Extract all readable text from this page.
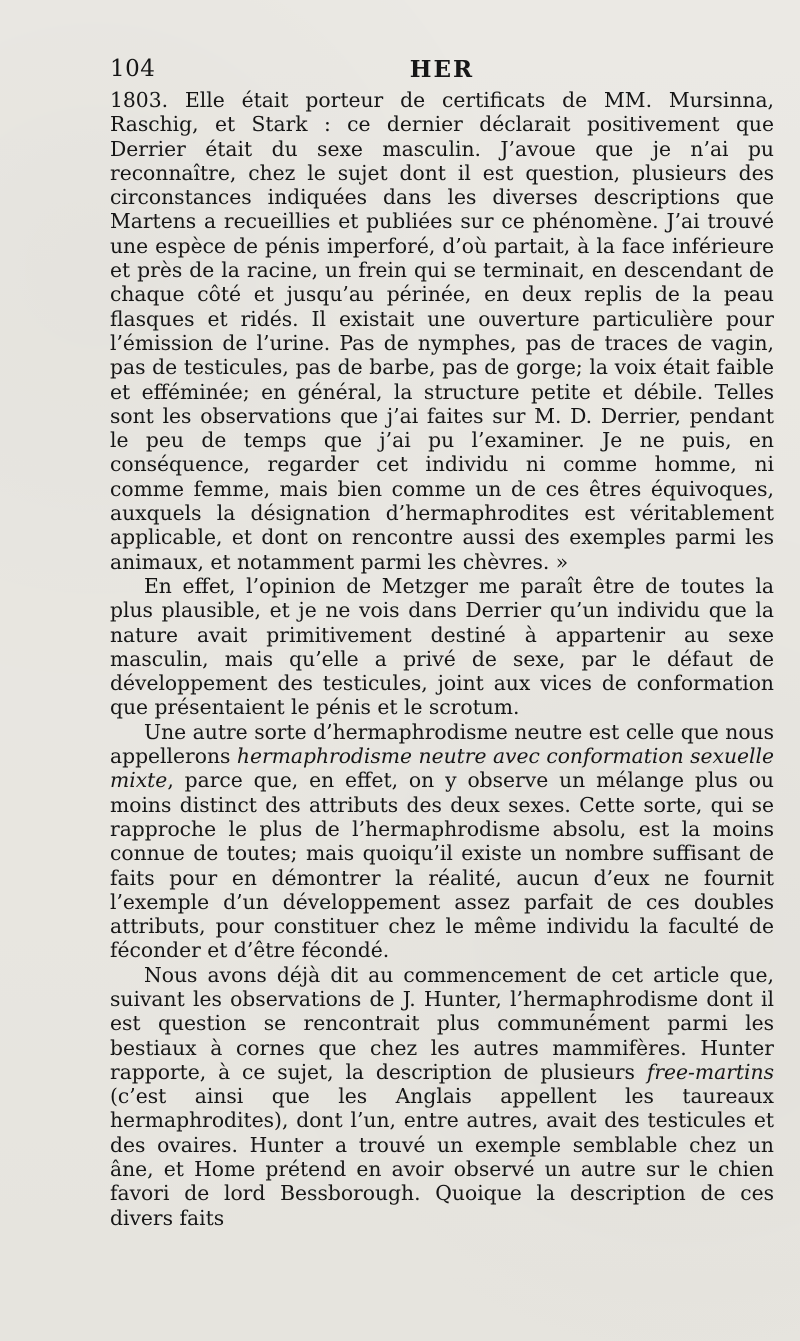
104	HER

1803. Elle était porteur de certificats de MM. Mursinna, Raschig, et Stark : ce dernier déclarait positivement que Derrier était du sexe masculin. J’avoue que je n’ai pu reconnaître, chez le sujet dont il est question, plusieurs des circonstances indiquées dans les diverses descriptions que Martens a recueillies et publiées sur ce phénomène. J’ai trouvé une espèce de pénis imperforé, d’où partait, à la face inférieure et près de la racine, un frein qui se terminait, en descendant de chaque côté et jusqu’au périnée, en deux replis de la peau flasques et ridés. Il existait une ouverture particulière pour l’émission de l’urine. Pas de nymphes, pas de traces de vagin, pas de testicules, pas de barbe, pas de gorge; la voix était faible et efféminée; en général, la structure petite et débile. Telles sont les observations que j’ai faites sur M. D. Derrier, pendant le peu de temps que j’ai pu l’examiner. Je ne puis, en conséquence, regarder cet individu ni comme homme, ni comme femme, mais bien comme un de ces êtres équivoques, auxquels la désignation d’hermaphrodites est véritablement applicable, et dont on rencontre aussi des exemples parmi les animaux, et notamment parmi les chèvres. »

En effet, l’opinion de Metzger me paraît être de toutes la plus plausible, et je ne vois dans Derrier qu’un individu que la nature avait primitivement destiné à appartenir au sexe masculin, mais qu’elle a privé de sexe, par le défaut de développement des testicules, joint aux vices de conformation que présentaient le pénis et le scrotum.

Une autre sorte d’hermaphrodisme neutre est celle que nous appellerons hermaphrodisme neutre avec conformation sexuelle mixte, parce que, en effet, on y observe un mélange plus ou moins distinct des attributs des deux sexes. Cette sorte, qui se rapproche le plus de l’hermaphrodisme absolu, est la moins connue de toutes; mais quoiqu’il existe un nombre suffisant de faits pour en démontrer la réalité, aucun d’eux ne fournit l’exemple d’un développement assez parfait de ces doubles attributs, pour constituer chez le même individu la faculté de féconder et d’être fécondé.

Nous avons déjà dit au commencement de cet article que, suivant les observations de J. Hunter, l’hermaphrodisme dont il est question se rencontrait plus communément parmi les bestiaux à cornes que chez les autres mammifères. Hunter rapporte, à ce sujet, la description de plusieurs free-martins (c’est ainsi que les Anglais appellent les taureaux hermaphrodites), dont l’un, entre autres, avait des testicules et des ovaires. Hunter a trouvé un exemple semblable chez un âne, et Home prétend en avoir observé un autre sur le chien favori de lord Bessborough. Quoique la description de ces divers faits
